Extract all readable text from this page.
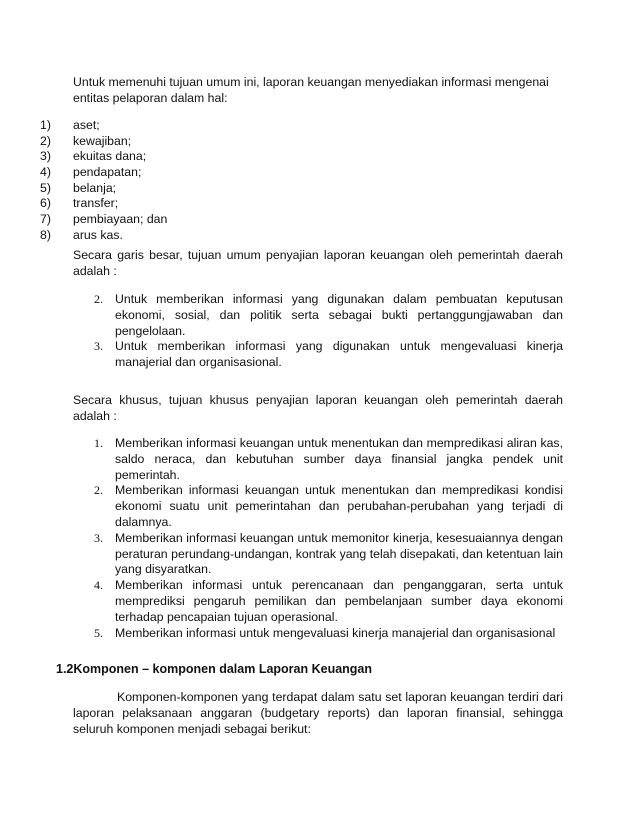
Untuk memenuhi tujuan umum ini, laporan keuangan menyediakan informasi mengenai entitas pelaporan dalam hal:

1) aset;
2) kewajiban;
3) ekuitas dana;
4) pendapatan;
5) belanja;
6) transfer;
7) pembiayaan; dan
8) arus kas.

Secara garis besar, tujuan umum penyajian laporan keuangan oleh pemerintah daerah adalah :

2. Untuk memberikan informasi yang digunakan dalam pembuatan keputusan ekonomi, sosial, dan politik serta sebagai bukti pertanggungjawaban dan pengelolaan.
3. Untuk memberikan informasi yang digunakan untuk mengevaluasi kinerja manajerial dan organisasional.

Secara khusus, tujuan khusus penyajian laporan keuangan oleh pemerintah daerah adalah :

1. Memberikan informasi keuangan untuk menentukan dan mempredikasi aliran kas, saldo neraca, dan kebutuhan sumber daya finansial jangka pendek unit pemerintah.
2. Memberikan informasi keuangan untuk menentukan dan mempredikasi kondisi ekonomi suatu unit pemerintahan dan perubahan-perubahan yang terjadi di dalamnya.
3. Memberikan informasi keuangan untuk memonitor kinerja, kesesuaiannya dengan peraturan perundang-undangan, kontrak yang telah disepakati, dan ketentuan lain yang disyaratkan.
4. Memberikan informasi untuk perencanaan dan penganggaran, serta untuk memprediksi pengaruh pemilikan dan pembelanjaan sumber daya ekonomi terhadap pencapaian tujuan operasional.
5. Memberikan informasi untuk mengevaluasi kinerja manajerial dan organisasional
1.2Komponen – komponen dalam Laporan Keuangan

Komponen-komponen yang terdapat dalam satu set laporan keuangan terdiri dari laporan pelaksanaan anggaran (budgetary reports) dan laporan finansial, sehingga seluruh komponen menjadi sebagai berikut:
